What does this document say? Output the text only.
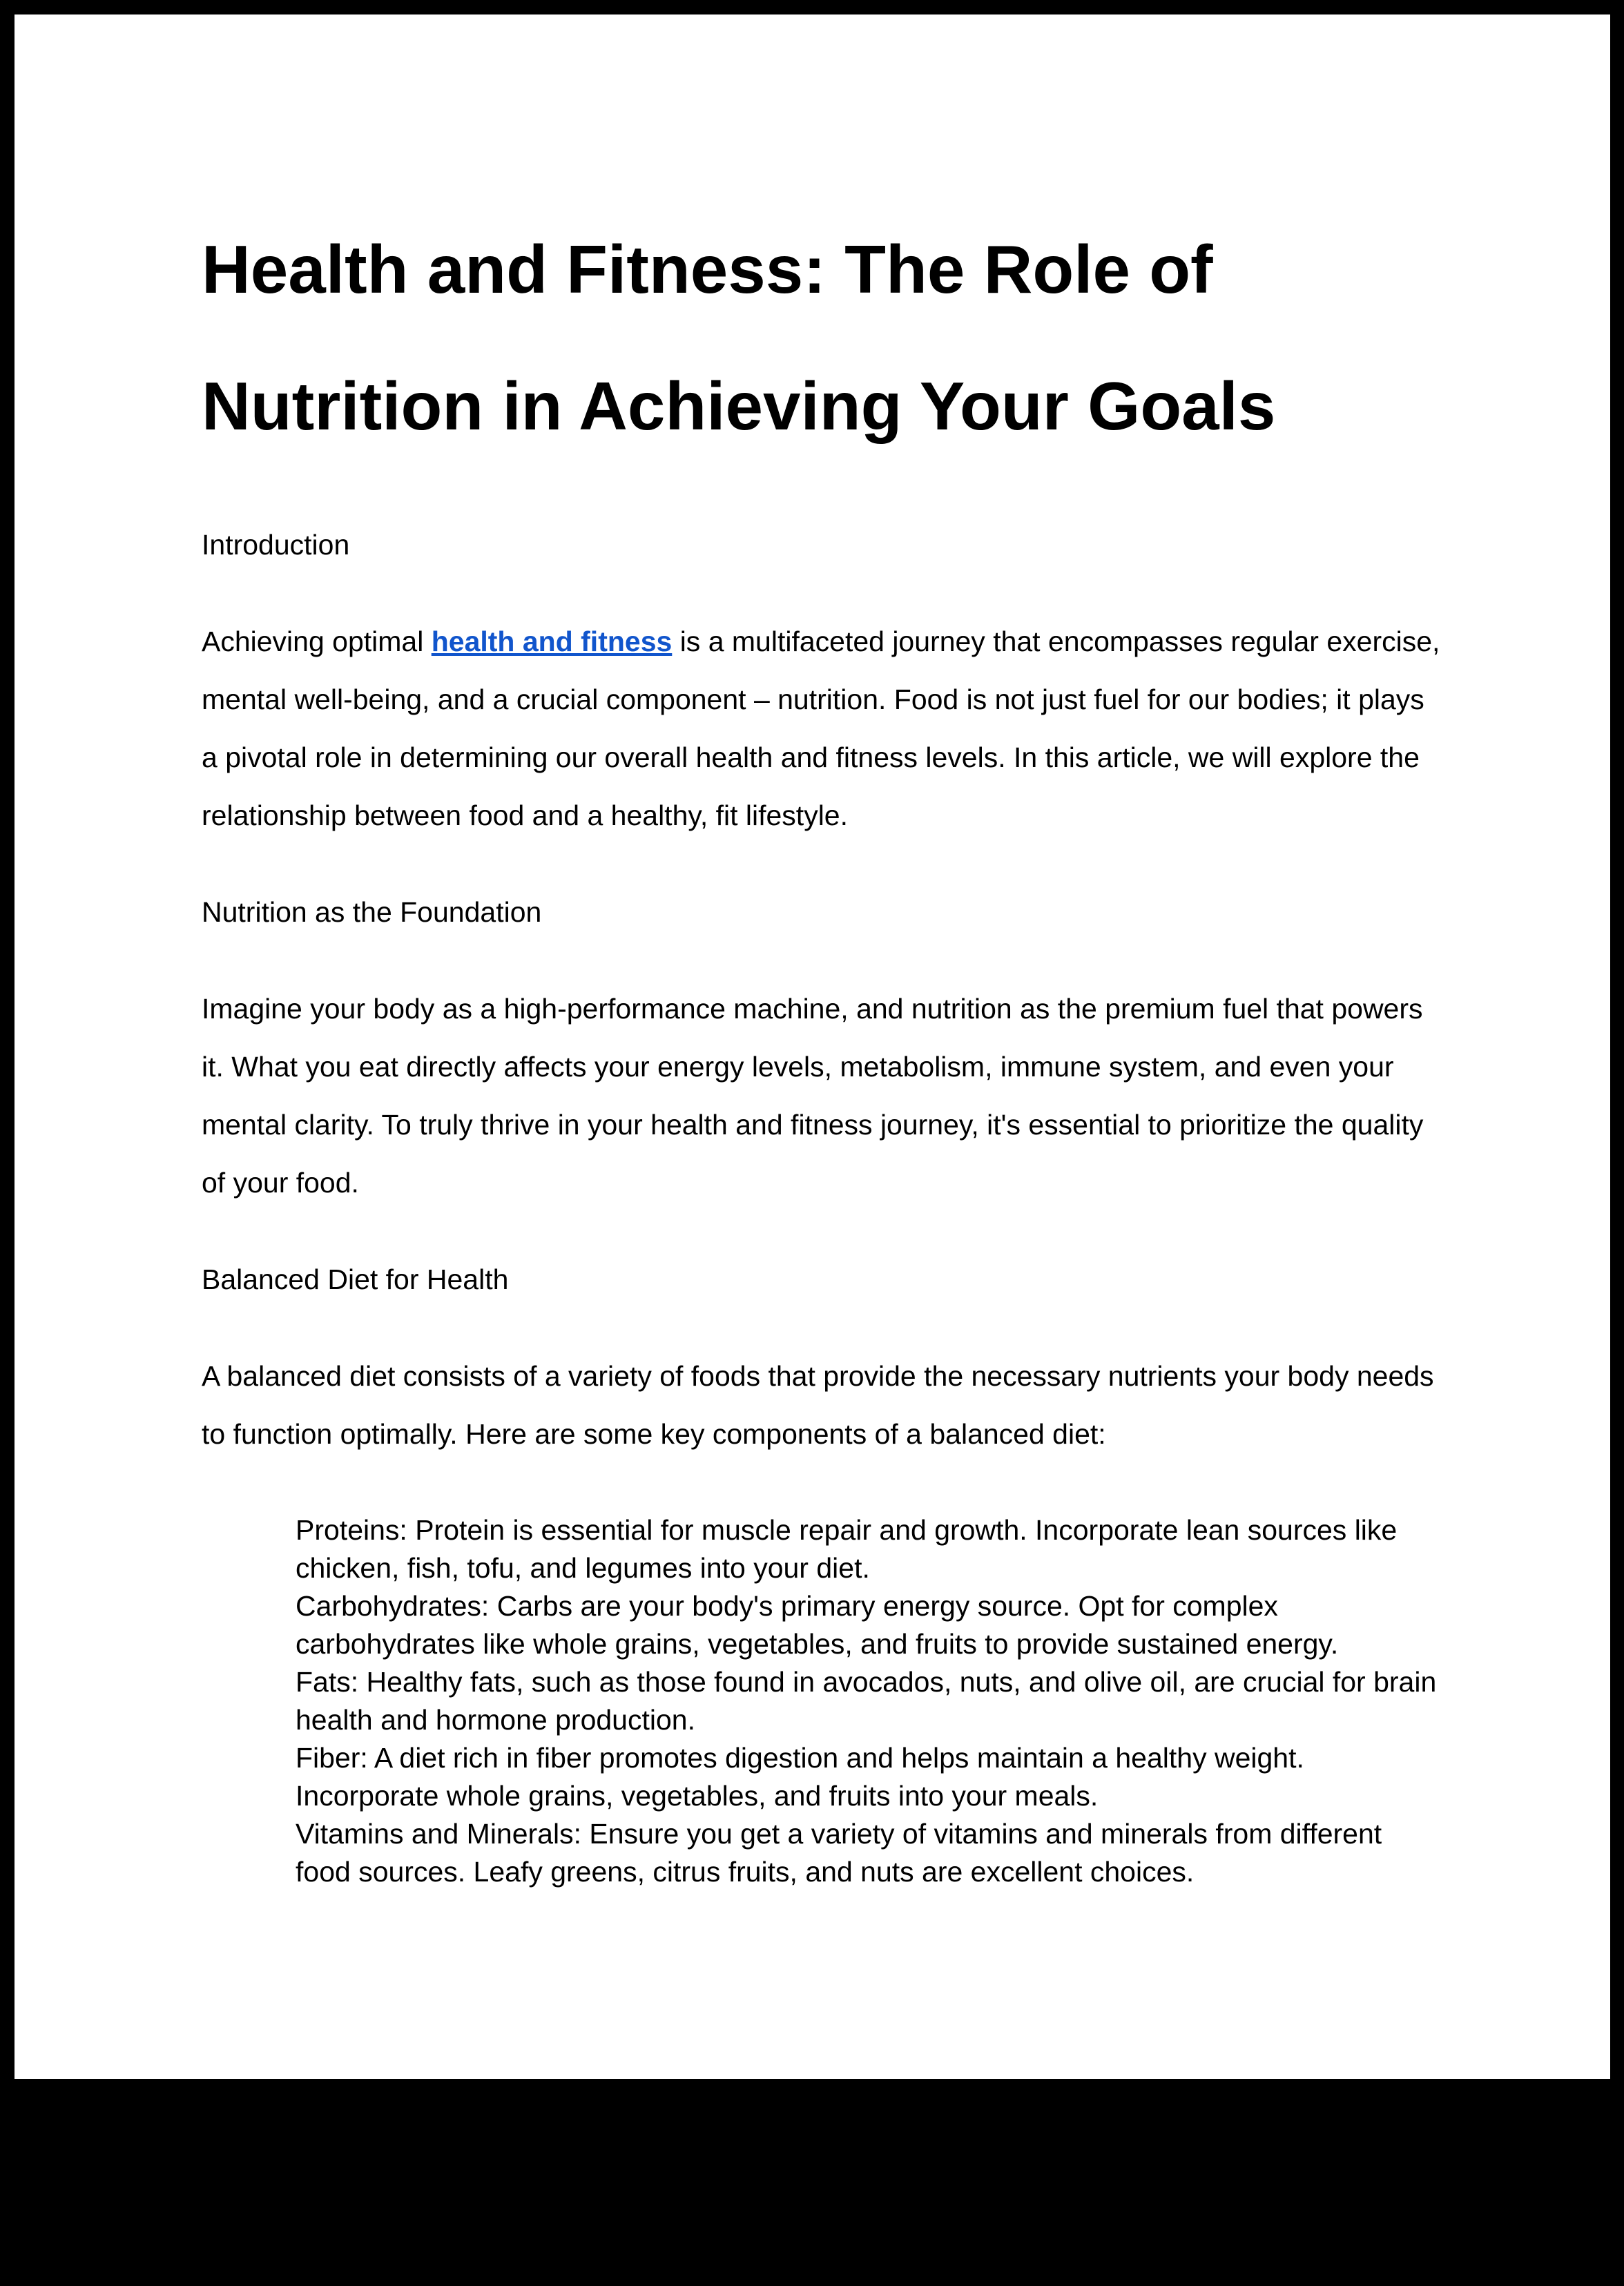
Health and Fitness: The Role of
Nutrition in Achieving Your Goals

Introduction

Achieving optimal health and fitness is a multifaceted journey that encompasses regular exercise, mental well-being, and a crucial component – nutrition. Food is not just fuel for our bodies; it plays a pivotal role in determining our overall health and fitness levels. In this article, we will explore the relationship between food and a healthy, fit lifestyle.

Nutrition as the Foundation

Imagine your body as a high-performance machine, and nutrition as the premium fuel that powers it. What you eat directly affects your energy levels, metabolism, immune system, and even your mental clarity. To truly thrive in your health and fitness journey, it's essential to prioritize the quality of your food.

Balanced Diet for Health

A balanced diet consists of a variety of foods that provide the necessary nutrients your body needs to function optimally. Here are some key components of a balanced diet:

Proteins: Protein is essential for muscle repair and growth. Incorporate lean sources like chicken, fish, tofu, and legumes into your diet.
Carbohydrates: Carbs are your body's primary energy source. Opt for complex carbohydrates like whole grains, vegetables, and fruits to provide sustained energy.
Fats: Healthy fats, such as those found in avocados, nuts, and olive oil, are crucial for brain health and hormone production.
Fiber: A diet rich in fiber promotes digestion and helps maintain a healthy weight. Incorporate whole grains, vegetables, and fruits into your meals.
Vitamins and Minerals: Ensure you get a variety of vitamins and minerals from different food sources. Leafy greens, citrus fruits, and nuts are excellent choices.
